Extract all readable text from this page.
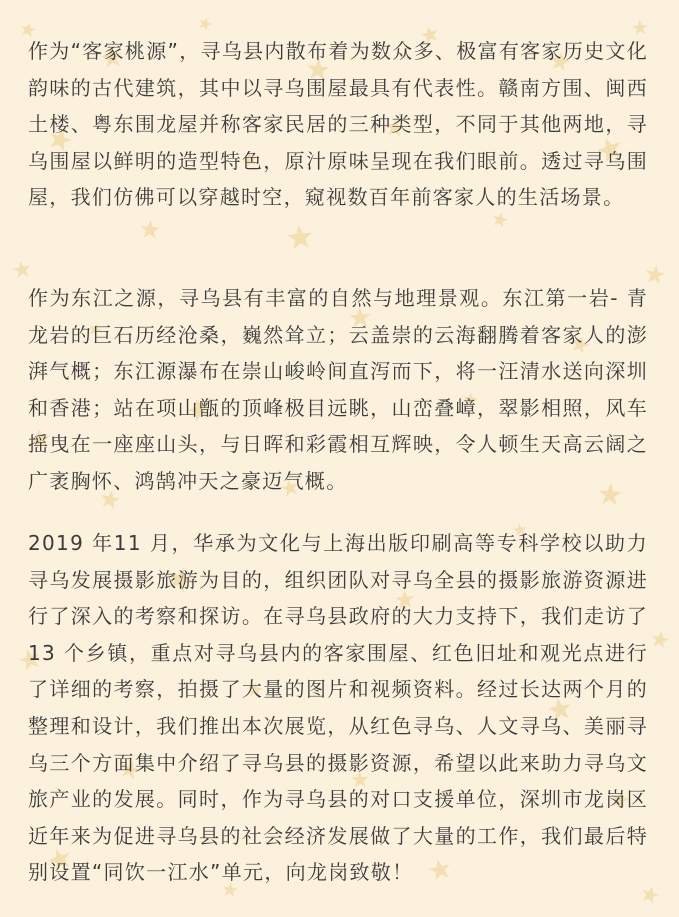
作为“客家桃源”，寻乌县内散布着为数众多、极富有客家历史文化韵味的古代建筑，其中以寻乌围屋最具有代表性。赣南方围、闽西土楼、粤东围龙屋并称客家民居的三种类型，不同于其他两地，寻乌围屋以鲜明的造型特色，原汁原味呈现在我们眼前。透过寻乌围屋，我们仿佛可以穿越时空，窥视数百年前客家人的生活场景。

作为东江之源，寻乌县有丰富的自然与地理景观。东江第一岩- 青龙岩的巨石历经沧桑，巍然耸立；云盖崇的云海翻腾着客家人的澎湃气概；东江源瀑布在崇山峻岭间直泻而下，将一汪清水送向深圳和香港；站在项山甑的顶峰极目远眺，山峦叠嶂，翠影相照，风车摇曳在一座座山头，与日晖和彩霞相互辉映，令人顿生天高云阔之广袤胸怀、鸿鹄冲天之豪迈气概。

2019 年11 月，华承为文化与上海出版印刷高等专科学校以助力寻乌发展摄影旅游为目的，组织团队对寻乌全县的摄影旅游资源进行了深入的考察和探访。在寻乌县政府的大力支持下，我们走访了13 个乡镇，重点对寻乌县内的客家围屋、红色旧址和观光点进行了详细的考察，拍摄了大量的图片和视频资料。经过长达两个月的整理和设计，我们推出本次展览，从红色寻乌、人文寻乌、美丽寻乌三个方面集中介绍了寻乌县的摄影资源，希望以此来助力寻乌文旅产业的发展。同时，作为寻乌县的对口支援单位，深圳市龙岗区近年来为促进寻乌县的社会经济发展做了大量的工作，我们最后特别设置“同饮一江水”单元，向龙岗致敬！
